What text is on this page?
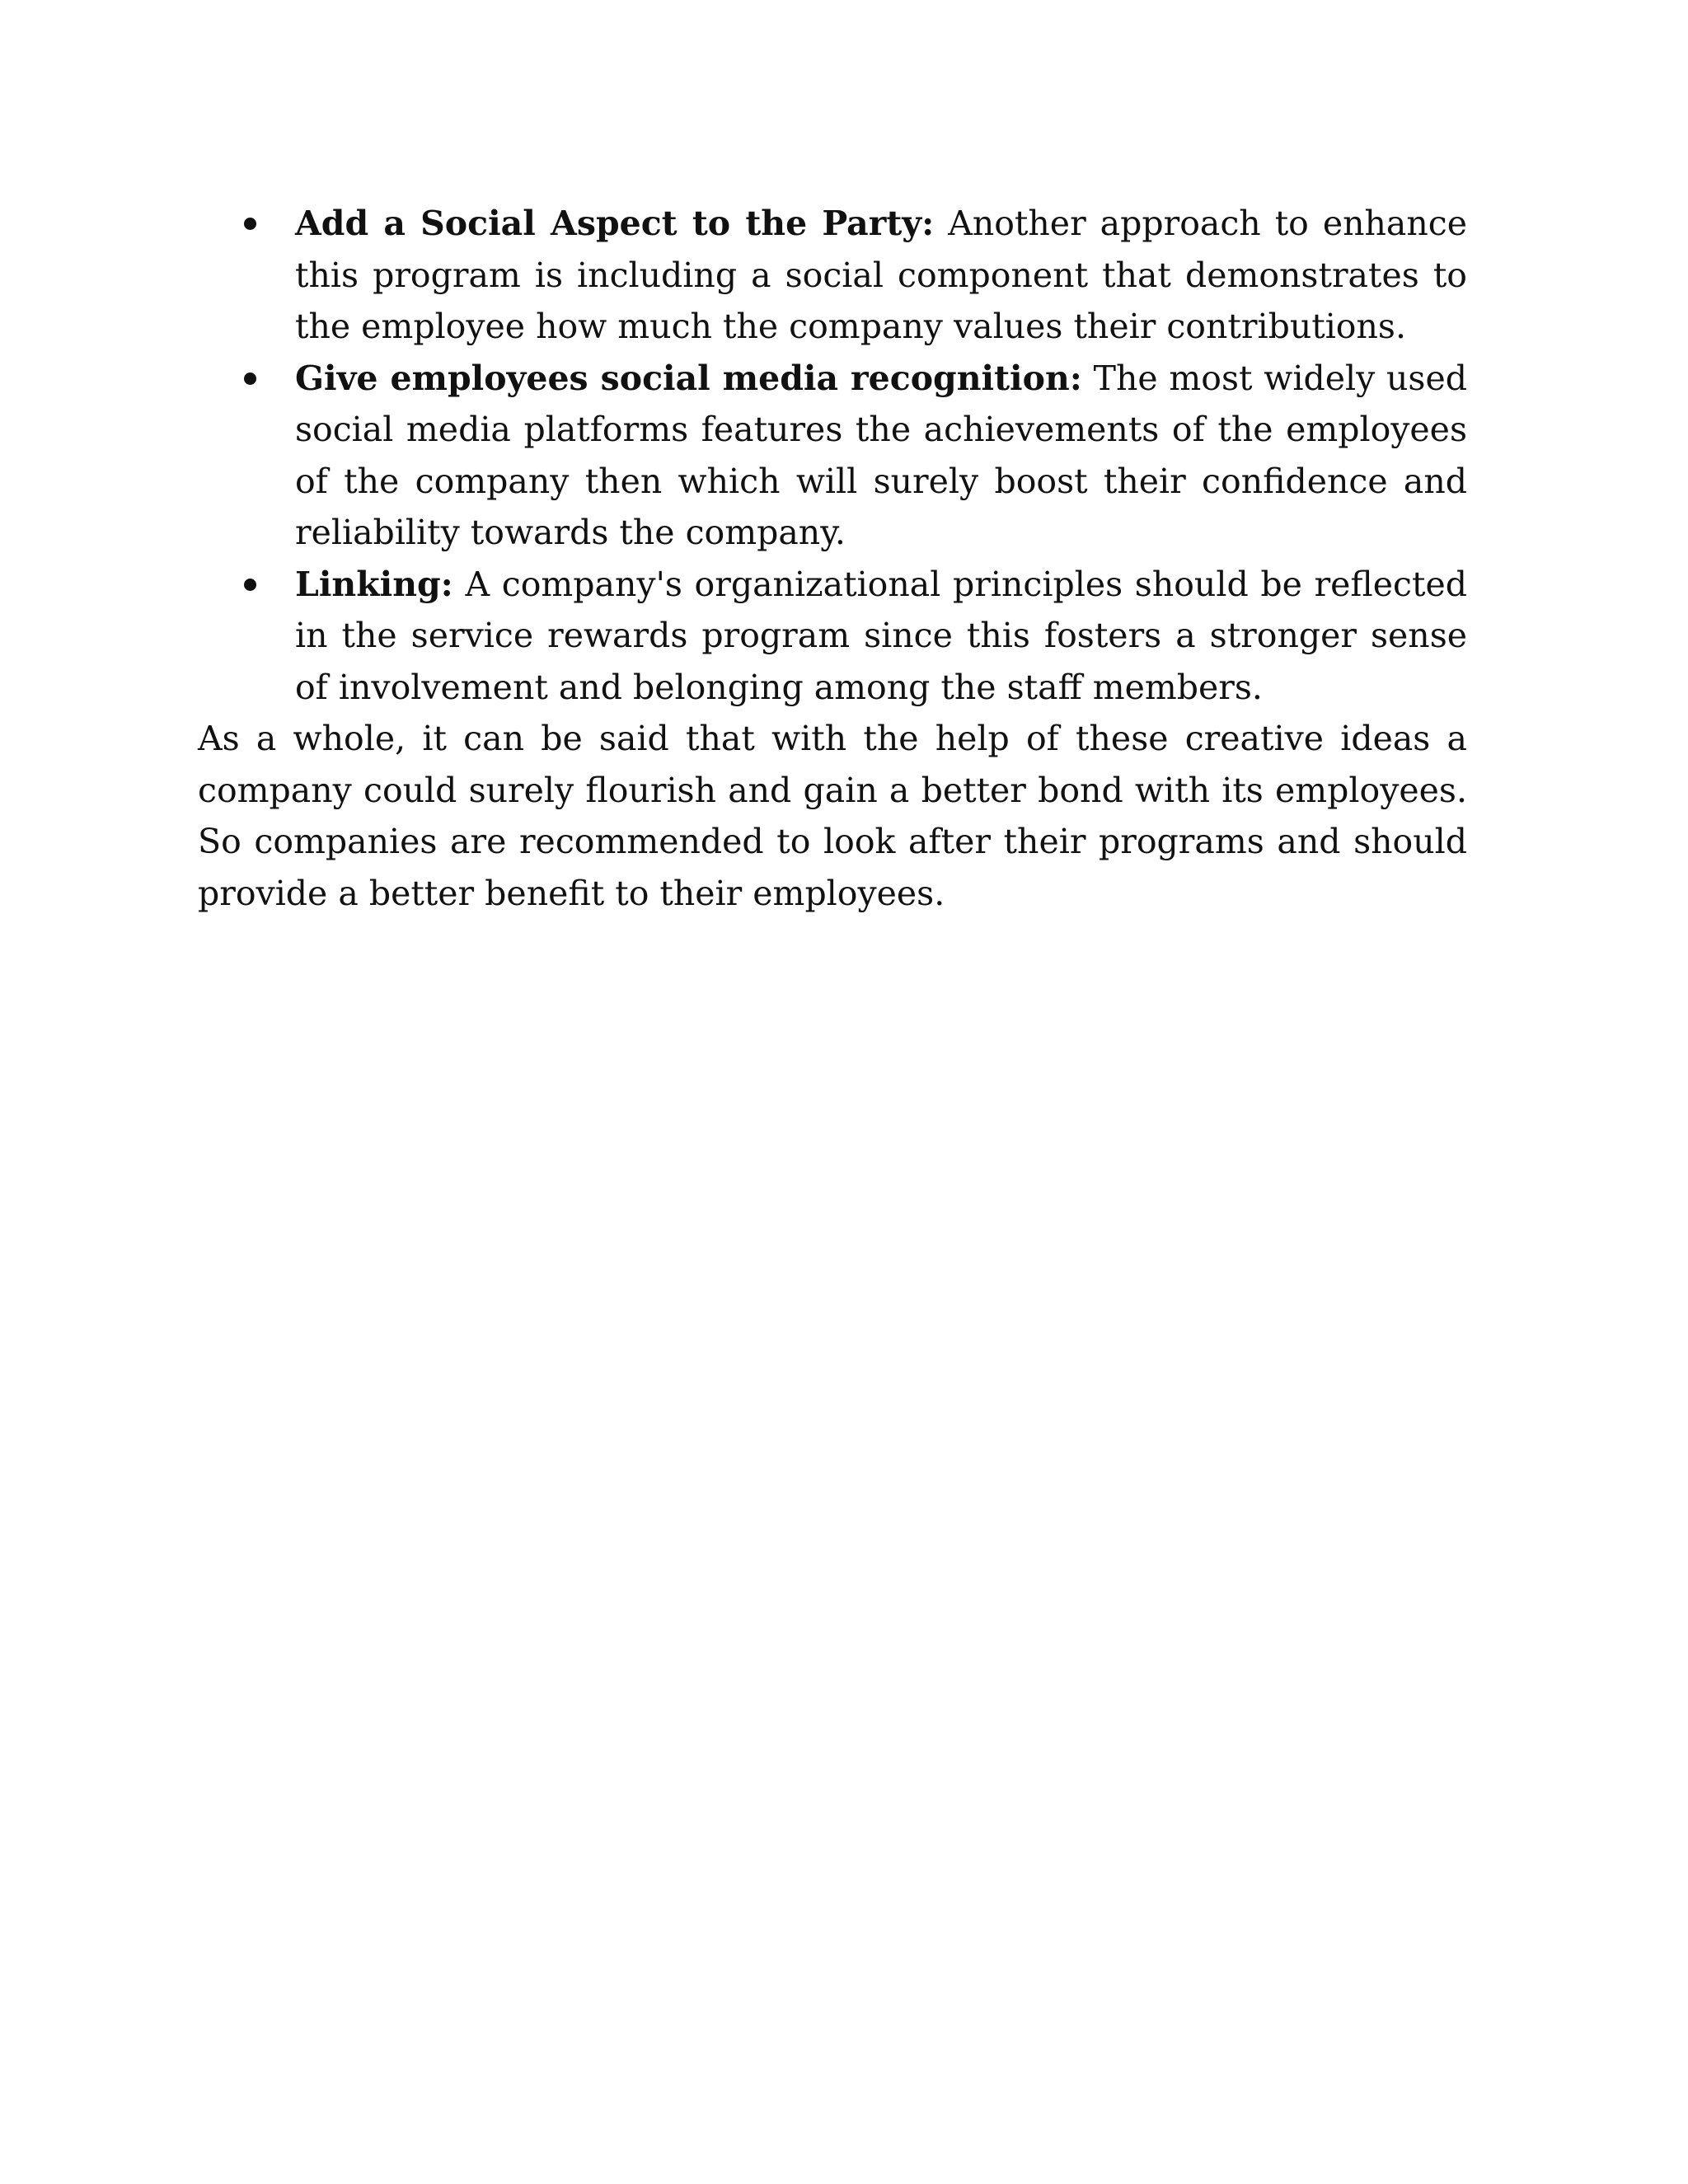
Add a Social Aspect to the Party: Another approach to enhance this program is including a social component that demonstrates to the employee how much the company values their contributions.
Give employees social media recognition: The most widely used social media platforms features the achievements of the employees of the company then which will surely boost their confidence and reliability towards the company.
Linking: A company's organizational principles should be reflected in the service rewards program since this fosters a stronger sense of involvement and belonging among the staff members.

As a whole, it can be said that with the help of these creative ideas a company could surely flourish and gain a better bond with its employees. So companies are recommended to look after their programs and should provide a better benefit to their employees.
